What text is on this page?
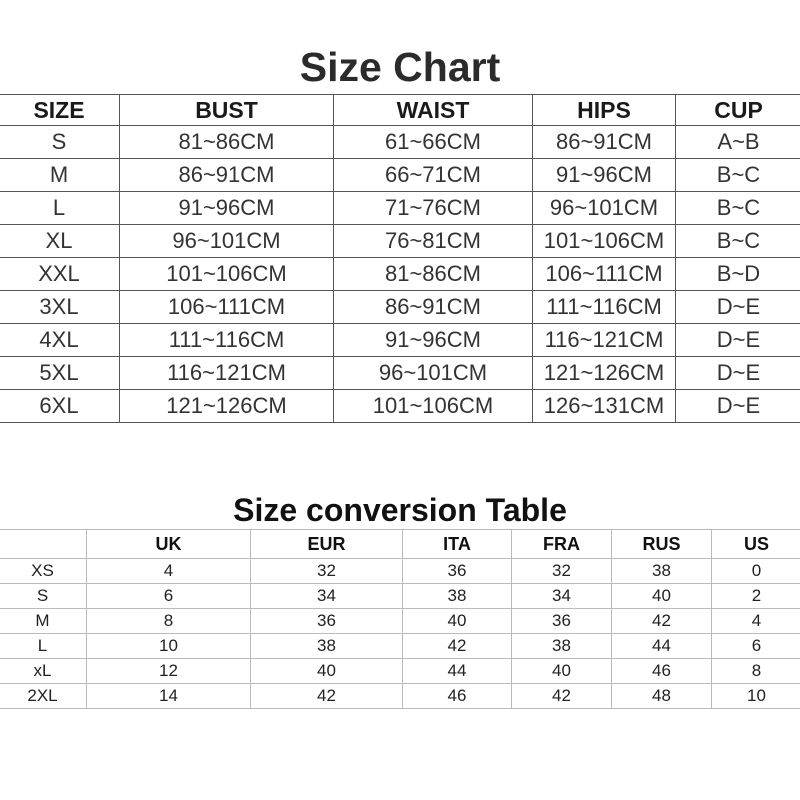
Size Chart
SIZE	BUST	WAIST	HIPS	CUP
S	81~86CM	61~66CM	86~91CM	A~B
M	86~91CM	66~71CM	91~96CM	B~C
L	91~96CM	71~76CM	96~101CM	B~C
XL	96~101CM	76~81CM	101~106CM	B~C
XXL	101~106CM	81~86CM	106~111CM	B~D
3XL	106~111CM	86~91CM	111~116CM	D~E
4XL	111~116CM	91~96CM	116~121CM	D~E
5XL	116~121CM	96~101CM	121~126CM	D~E
6XL	121~126CM	101~106CM	126~131CM	D~E
Size conversion Table
	UK	EUR	ITA	FRA	RUS	US
XS	4	32	36	32	38	0
S	6	34	38	34	40	2
M	8	36	40	36	42	4
L	10	38	42	38	44	6
xL	12	40	44	40	46	8
2XL	14	42	46	42	48	10
